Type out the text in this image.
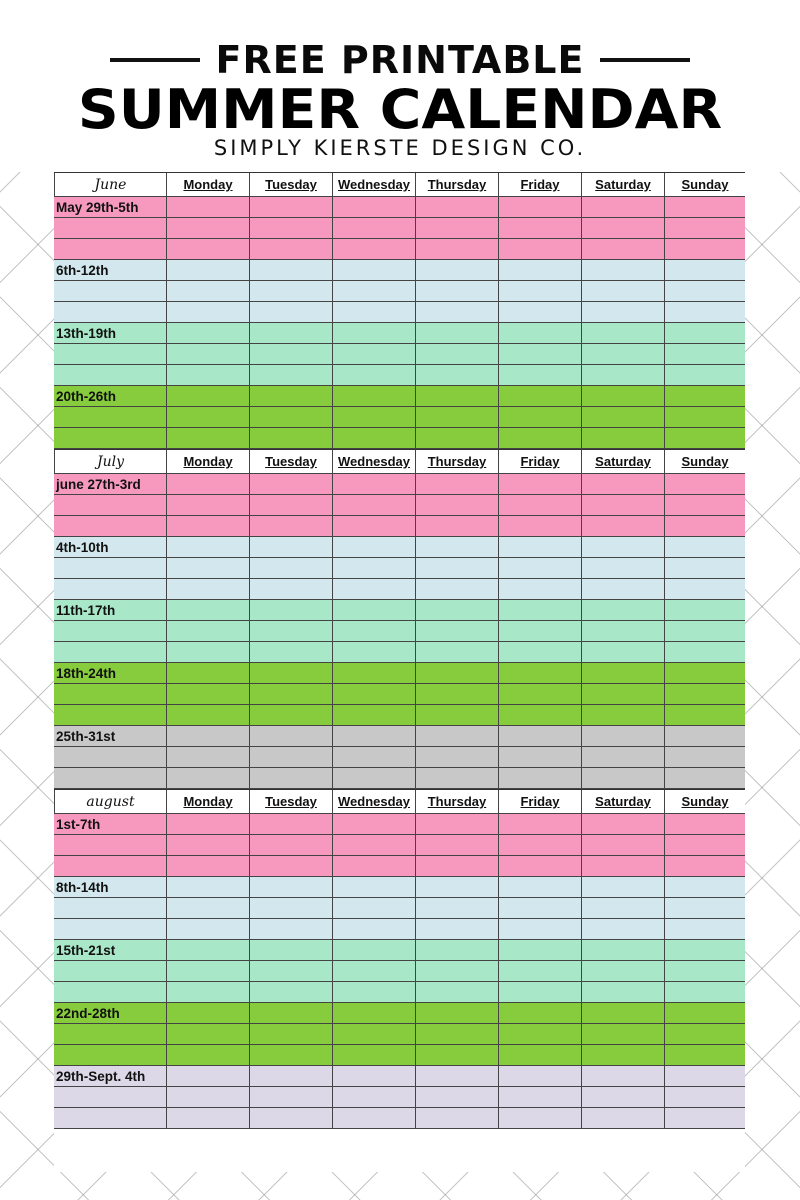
FREE PRINTABLE
SUMMER CALENDAR
SIMPLY KIERSTE DESIGN CO.
June	Monday	Tuesday	Wednesday	Thursday	Friday	Saturday	Sunday
May 29th-5th
6th-12th
13th-19th
20th-26th
July	Monday	Tuesday	Wednesday	Thursday	Friday	Saturday	Sunday
june 27th-3rd
4th-10th
11th-17th
18th-24th
25th-31st
august	Monday	Tuesday	Wednesday	Thursday	Friday	Saturday	Sunday
1st-7th
8th-14th
15th-21st
22nd-28th
29th-Sept. 4th
